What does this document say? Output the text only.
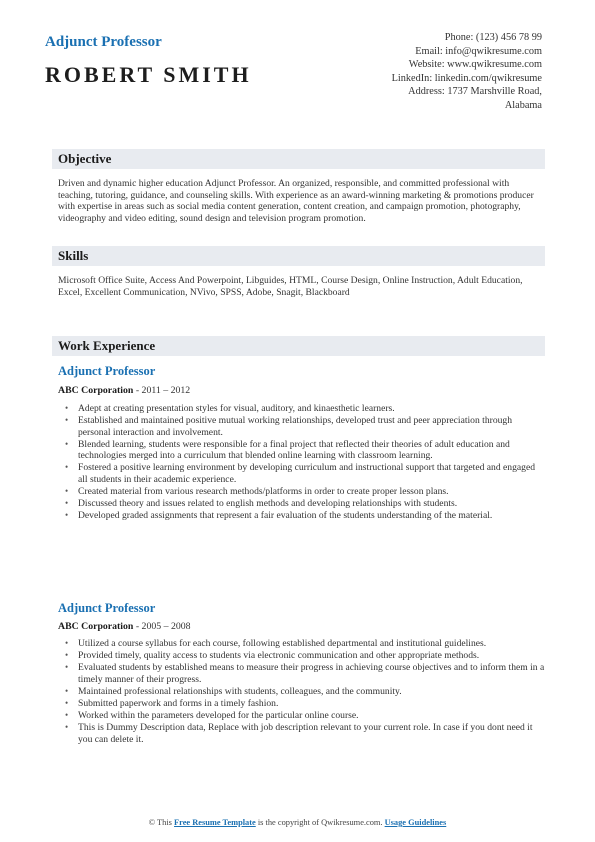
Adjunct Professor
ROBERT SMITH
Phone: (123) 456 78 99
Email: info@qwikresume.com
Website: www.qwikresume.com
LinkedIn: linkedin.com/qwikresume
Address: 1737 Marshville Road,
Alabama
Objective
Driven and dynamic higher education Adjunct Professor. An organized, responsible, and committed professional with teaching, tutoring, guidance, and counseling skills. With experience as an award-winning marketing & promotions producer with expertise in areas such as social media content generation, content creation, and campaign promotion, photography, videography and video editing, sound design and television program promotion.
Skills
Microsoft Office Suite, Access And Powerpoint, Libguides, HTML, Course Design, Online Instruction, Adult Education, Excel, Excellent Communication, NVivo, SPSS, Adobe, Snagit, Blackboard
Work Experience
Adjunct Professor
ABC Corporation - 2011 – 2012
• Adept at creating presentation styles for visual, auditory, and kinaesthetic learners.
• Established and maintained positive mutual working relationships, developed trust and peer appreciation through personal interaction and involvement.
• Blended learning, students were responsible for a final project that reflected their theories of adult education and technologies merged into a curriculum that blended online learning with classroom learning.
• Fostered a positive learning environment by developing curriculum and instructional support that targeted and engaged all students in their academic experience.
• Created material from various research methods/platforms in order to create proper lesson plans.
• Discussed theory and issues related to english methods and developing relationships with students.
• Developed graded assignments that represent a fair evaluation of the students understanding of the material.
Adjunct Professor
ABC Corporation - 2005 – 2008
• Utilized a course syllabus for each course, following established departmental and institutional guidelines.
• Provided timely, quality access to students via electronic communication and other appropriate methods.
• Evaluated students by established means to measure their progress in achieving course objectives and to inform them in a timely manner of their progress.
• Maintained professional relationships with students, colleagues, and the community.
• Submitted paperwork and forms in a timely fashion.
• Worked within the parameters developed for the particular online course.
• This is Dummy Description data, Replace with job description relevant to your current role. In case if you dont need it you can delete it.
© This Free Resume Template is the copyright of Qwikresume.com. Usage Guidelines
